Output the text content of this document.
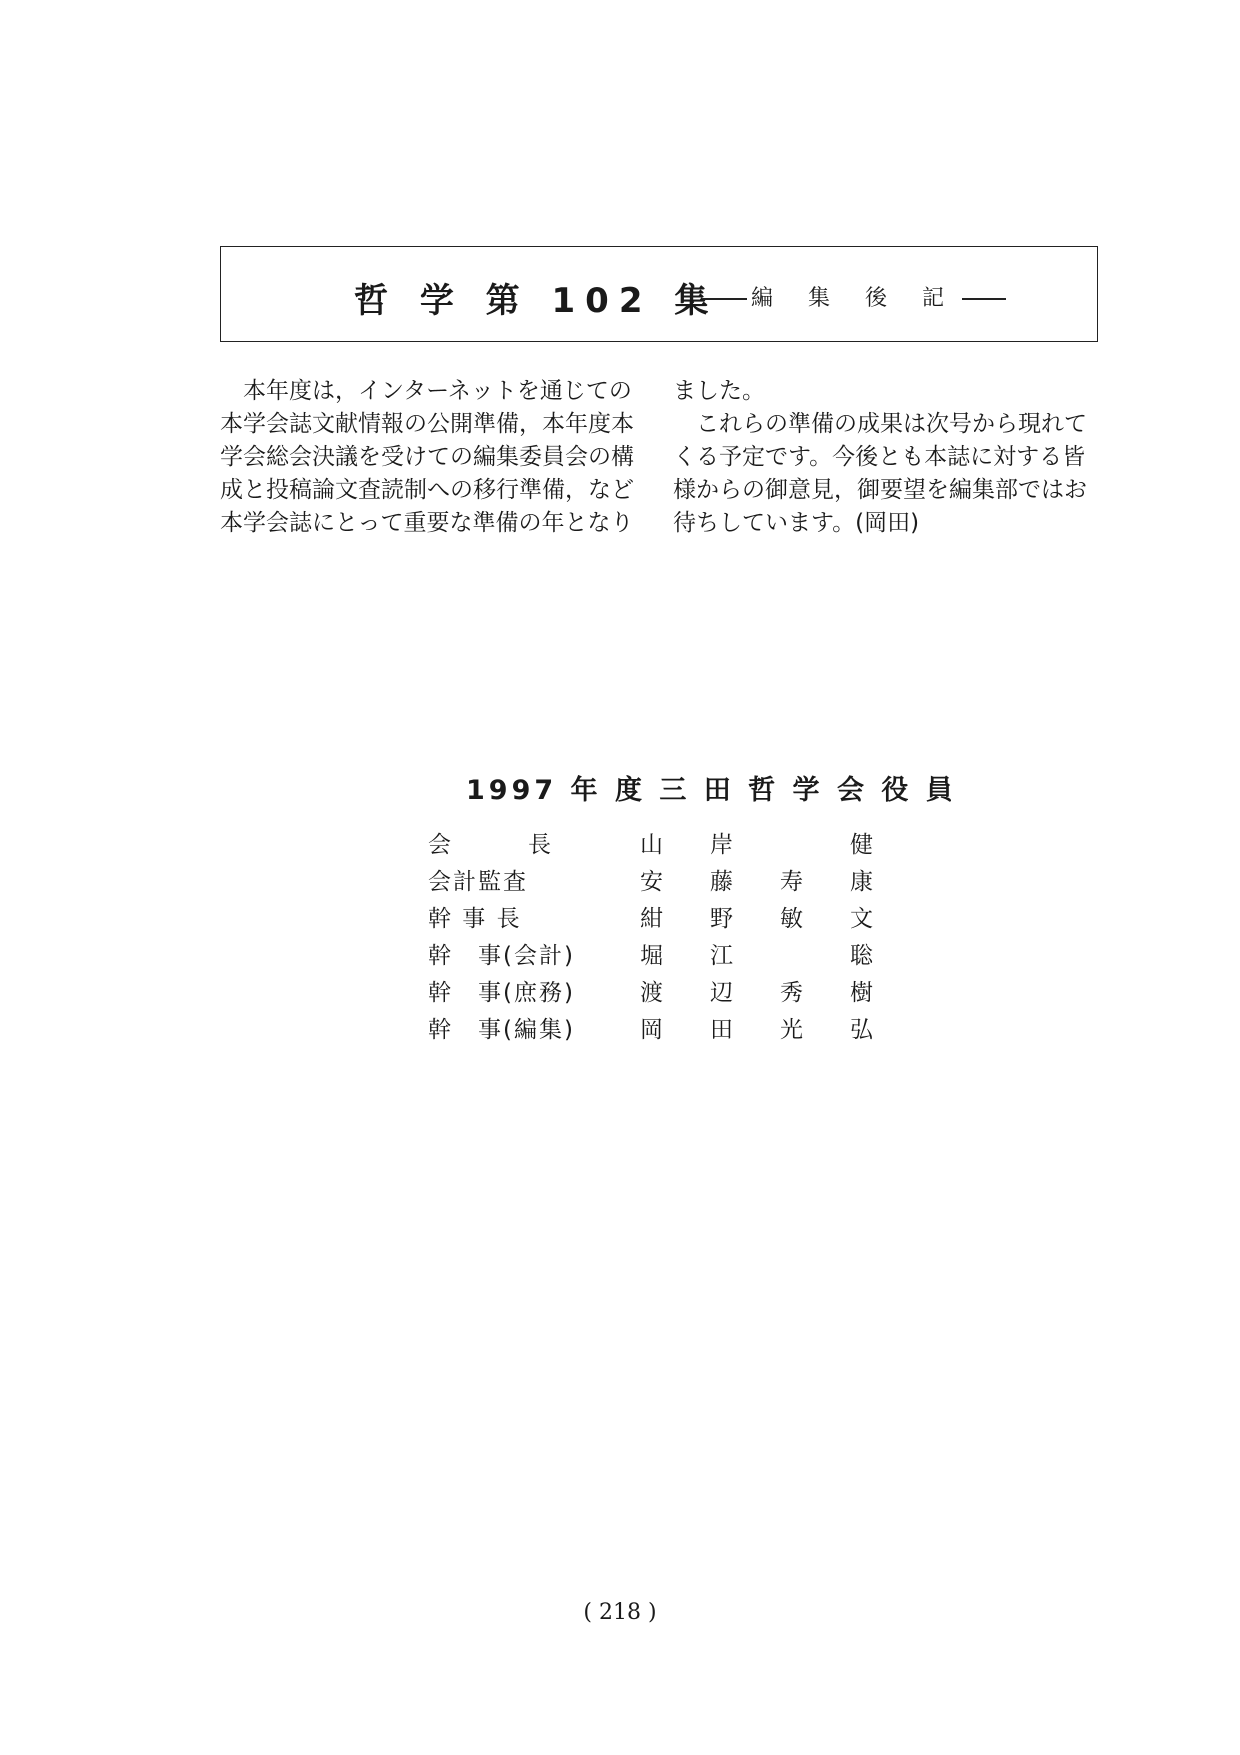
哲 学 第 102 集	編 集 後 記

　本年度は，インターネットを通じての

本学会誌文献情報の公開準備，本年度本

学会総会決議を受けての編集委員会の構

成と投稿論文査読制への移行準備，など

本学会誌にとって重要な準備の年となり

ました。

　これらの準備の成果は次号から現れて

くる予定です。今後とも本誌に対する皆

様からの御意見，御要望を編集部ではお

待ちしています。(岡田)

1997 年 度 三 田 哲 学 会 役 員
会　　　長	山 岸	健
会計監査	安 藤 寿 康
幹 事 長	紺 野 敏 文
幹　事(会計)	堀 江	聡
幹　事(庶務)	渡 辺 秀 樹
幹　事(編集)	岡 田 光 弘
( 218 )
